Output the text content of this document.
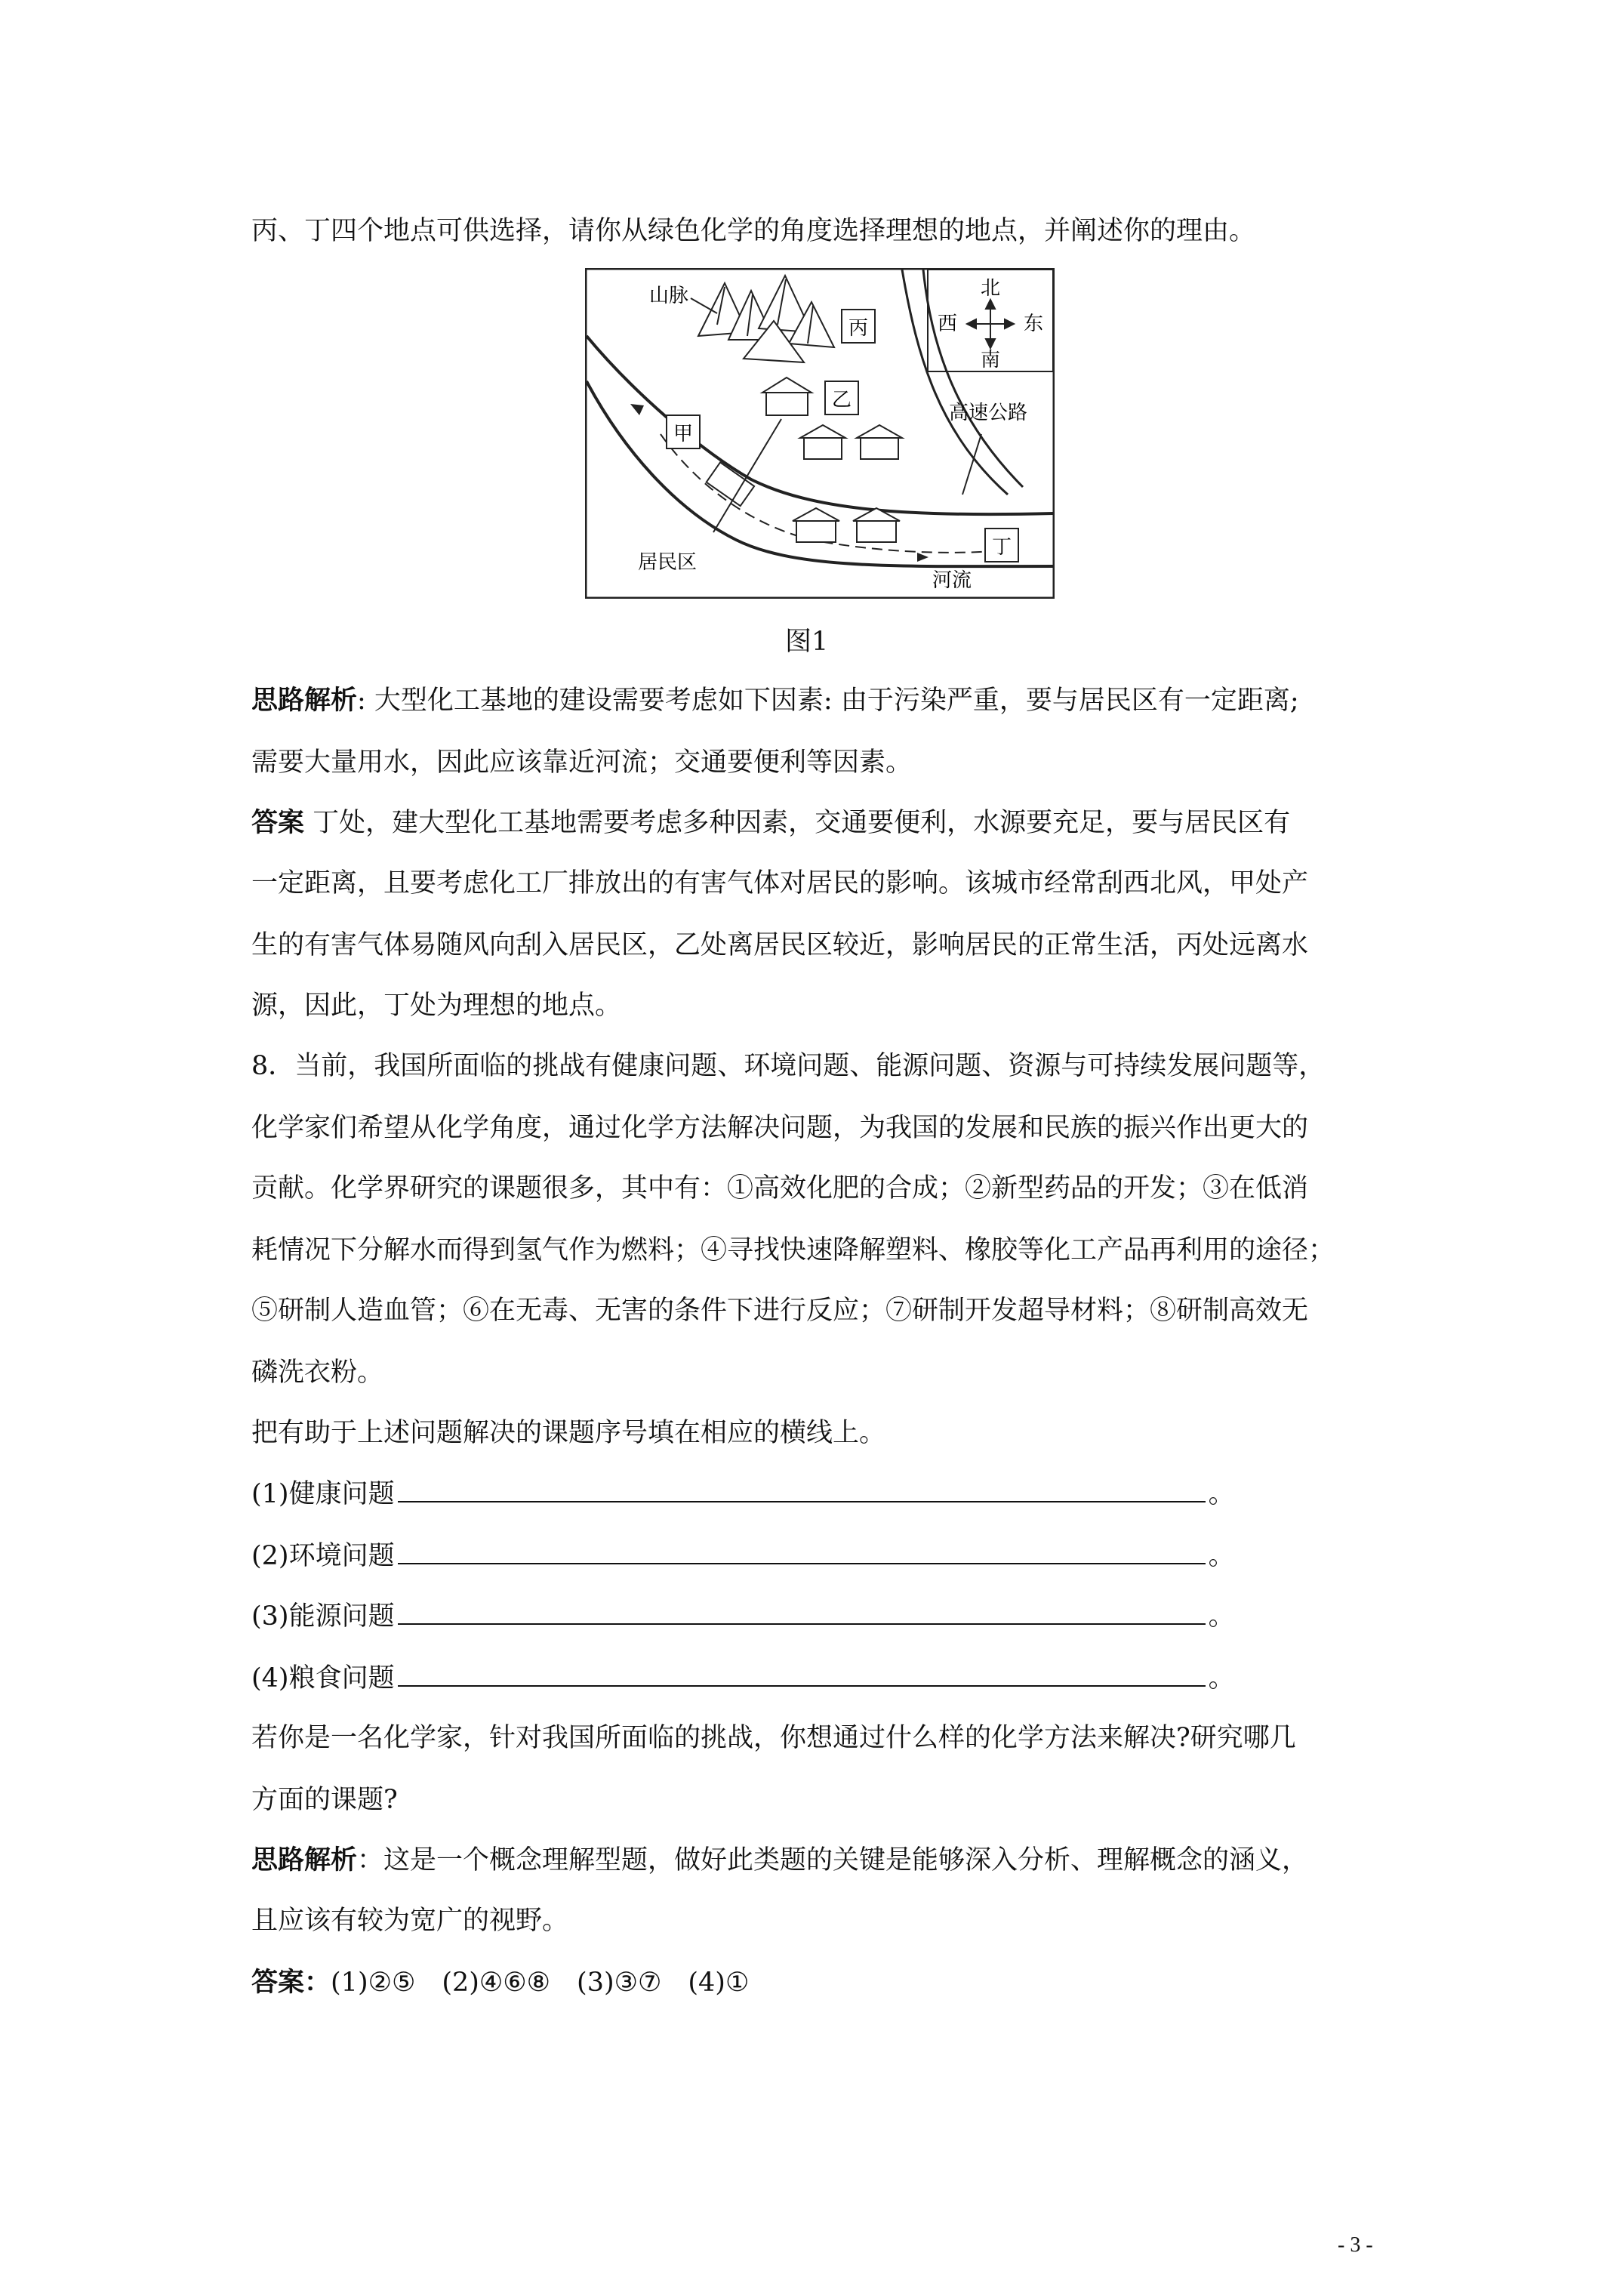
丙、丁四个地点可供选择，请你从绿色化学的角度选择理想的地点，并阐述你的理由。
北
南
西	东
高速公路
河流
山脉
丙
乙
甲
丁
居民区
图1
思路解析: 大型化工基地的建设需要考虑如下因素: 由于污染严重，要与居民区有一定距离;
需要大量用水，因此应该靠近河流；交通要便利等因素。
答案 丁处，建大型化工基地需要考虑多种因素，交通要便利，水源要充足，要与居民区有
一定距离，且要考虑化工厂排放出的有害气体对居民的影响。该城市经常刮西北风，甲处产
生的有害气体易随风向刮入居民区，乙处离居民区较近，影响居民的正常生活，丙处远离水
源，因此，丁处为理想的地点。
8．当前，我国所面临的挑战有健康问题、环境问题、能源问题、资源与可持续发展问题等，
化学家们希望从化学角度，通过化学方法解决问题，为我国的发展和民族的振兴作出更大的
贡献。化学界研究的课题很多，其中有：①高效化肥的合成；②新型药品的开发；③在低消
耗情况下分解水而得到氢气作为燃料；④寻找快速降解塑料、橡胶等化工产品再利用的途径；
⑤研制人造血管；⑥在无毒、无害的条件下进行反应；⑦研制开发超导材料；⑧研制高效无
磷洗衣粉。
把有助于上述问题解决的课题序号填在相应的横线上。
(1)健康问题	。
(2)环境问题	。
(3)能源问题	。
(4)粮食问题	。
若你是一名化学家，针对我国所面临的挑战，你想通过什么样的化学方法来解决?研究哪几
方面的课题?
思路解析：这是一个概念理解型题，做好此类题的关键是能够深入分析、理解概念的涵义，
且应该有较为宽广的视野。
答案：(1)②⑤　(2)④⑥⑧　(3)③⑦　(4)①
- 3 -
